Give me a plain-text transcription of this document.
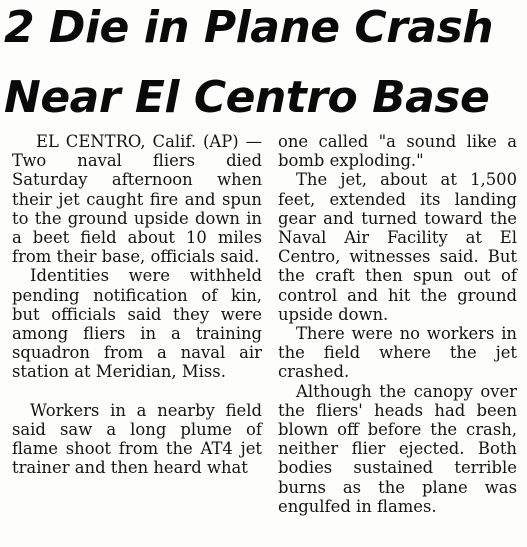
2 Die in Plane Crash
Near El Centro Base

EL CENTRO, Calif. (AP) — Two naval fliers died Saturday afternoon when their jet caught fire and spun to the ground upside down in a beet field about 10 miles from their base, officials said.

Identities were withheld pending notification of kin, but officials said they were among fliers in a training squadron from a naval air station at Meridian, Miss.

Workers in a nearby field said saw a long plume of flame shoot from the AT4 jet trainer and then heard what

one called "a sound like a bomb exploding."

The jet, about at 1,500 feet, extended its landing gear and turned toward the Naval Air Facility at El Centro, witnesses said. But the craft then spun out of control and hit the ground upside down.

There were no workers in the field where the jet crashed.

Although the canopy over the fliers' heads had been blown off before the crash, neither flier ejected. Both bodies sustained terrible burns as the plane was engulfed in flames.
